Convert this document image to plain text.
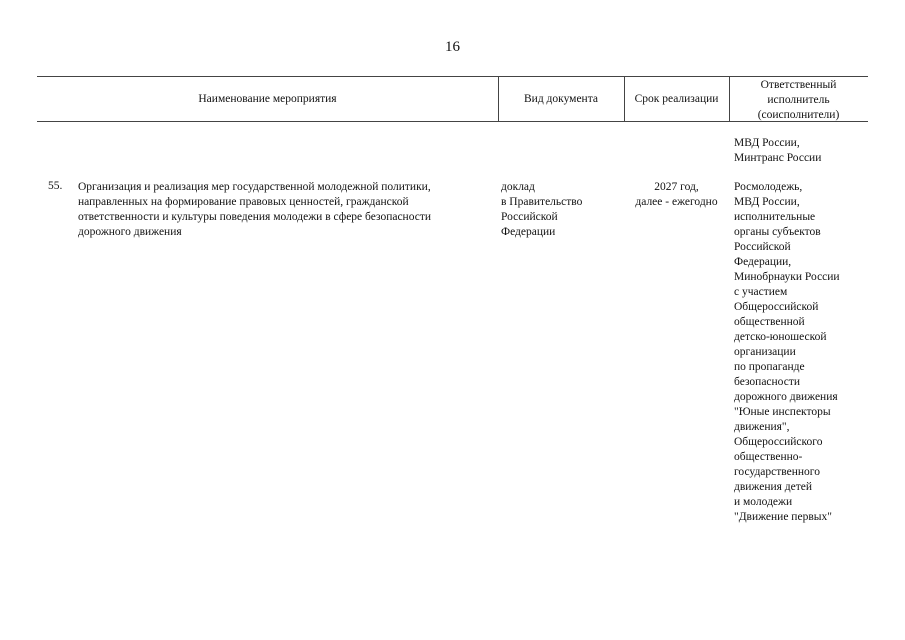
16
Наименование мероприятия	Вид документа	Срок реализации
Ответственный
исполнитель
(соисполнители)
МВД России,
Минтранс России
55. Организация и реализация мер государственной молодежной политики,
направленных на формирование правовых ценностей, гражданской
ответственности и культуры поведения молодежи в сфере безопасности
дорожного движения
доклад
в Правительство
Российской
Федерации
2027 год,
далее - ежегодно
Росмолодежь,
МВД России,
исполнительные
органы субъектов
Российской
Федерации,
Минобрнауки России
с участием
Общероссийской
общественной
детско-юношеской
организации
по пропаганде
безопасности
дорожного движения
"Юные инспекторы
движения",
Общероссийского
общественно-
государственного
движения детей
и молодежи
"Движение первых"
